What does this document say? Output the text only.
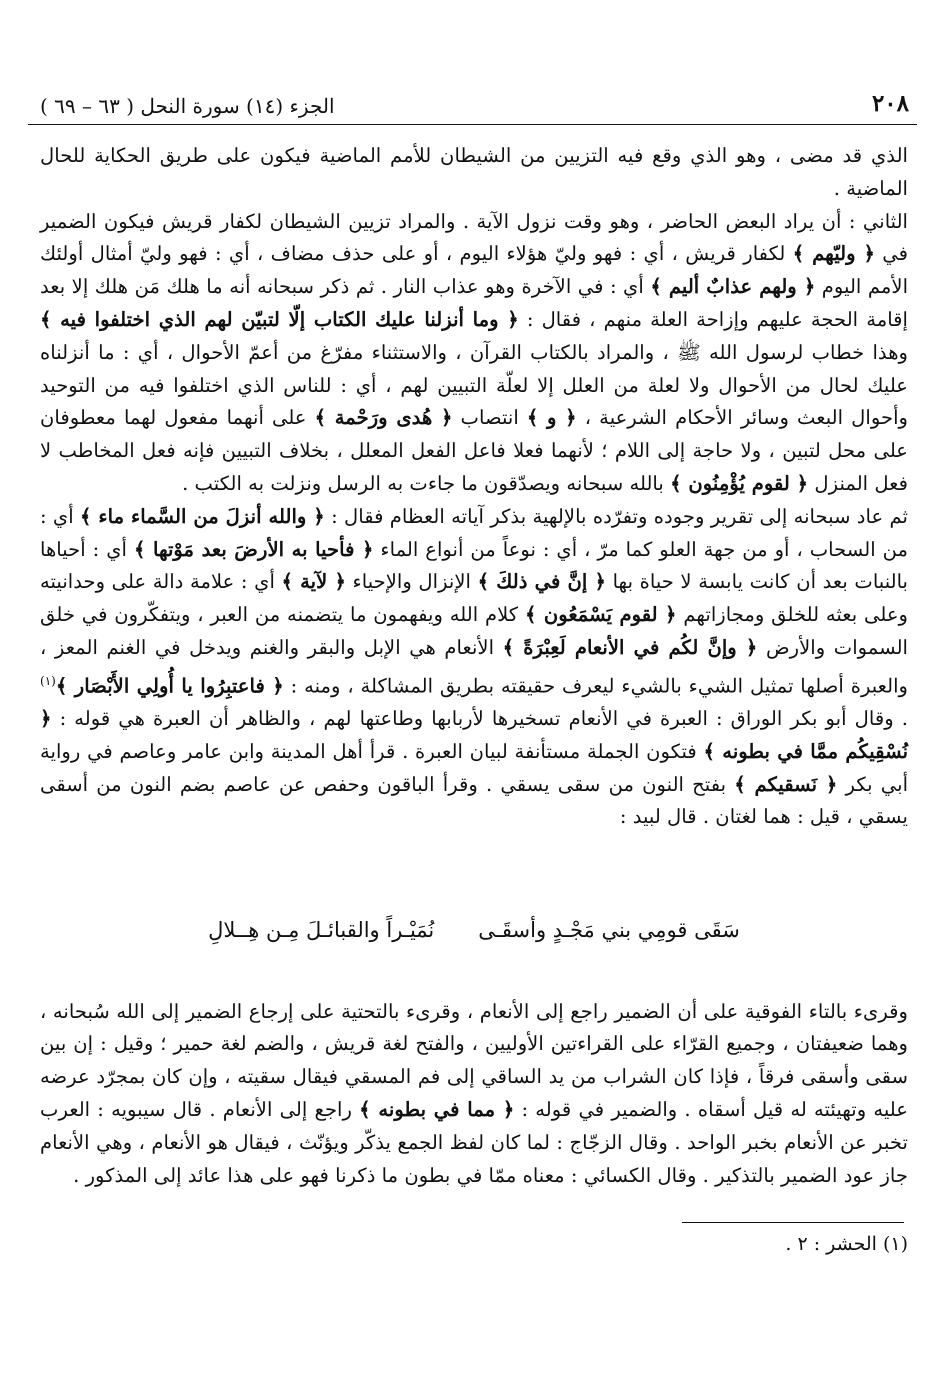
٢٠٨
الجزء (١٤) سورة النحل ( ٦٣ – ٦٩ )

الذي قد مضى ، وهو الذي وقع فيه التزيين من الشيطان للأمم الماضية فيكون على طريق الحكاية للحال الماضية .

الثاني : أن يراد البعض الحاضر ، وهو وقت نزول الآية . والمراد تزيين الشيطان لكفار قريش فيكون الضمير في ﴿ وليّهم ﴾ لكفار قريش ، أي : فهو وليّ هؤلاء اليوم ، أو على حذف مضاف ، أي : فهو وليّ أمثال أولئك الأمم اليوم ﴿ ولهم عذابٌ أليم ﴾ أي : في الآخرة وهو عذاب النار . ثم ذكر سبحانه أنه ما هلك مَن هلك إلا بعد إقامة الحجة عليهم وإزاحة العلة منهم ، فقال : ﴿ وما أنزلنا عليك الكتاب إلّا لتبيّن لهم الذي اختلفوا فيه ﴾ وهذا خطاب لرسول الله ﷺ ، والمراد بالكتاب القرآن ، والاستثناء مفرّغ من أعمّ الأحوال ، أي : ما أنزلناه عليك لحال من الأحوال ولا لعلة من العلل إلا لعلّة التبيين لهم ، أي : للناس الذي اختلفوا فيه من التوحيد وأحوال البعث وسائر الأحكام الشرعية ، ﴿ و ﴾ انتصاب ﴿ هُدى ورَحْمة ﴾ على أنهما مفعول لهما معطوفان على محل لتبين ، ولا حاجة إلى اللام ؛ لأنهما فعلا فاعل الفعل المعلل ، بخلاف التبيين فإنه فعل المخاطب لا فعل المنزل ﴿ لقوم يُؤْمِنُون ﴾ بالله سبحانه ويصدّقون ما جاءت به الرسل ونزلت به الكتب .

ثم عاد سبحانه إلى تقرير وجوده وتفرّده بالإلهية بذكر آياته العظام فقال : ﴿ والله أنزلَ من السَّماء ماء ﴾ أي : من السحاب ، أو من جهة العلو كما مرّ ، أي : نوعاً من أنواع الماء ﴿ فأحيا به الأرضَ بعد مَوْتها ﴾ أي : أحياها بالنبات بعد أن كانت يابسة لا حياة بها ﴿ إنَّ في ذلكَ ﴾ الإنزال والإحياء ﴿ لآية ﴾ أي : علامة دالة على وحدانيته وعلى بعثه للخلق ومجازاتهم ﴿ لقوم يَسْمَعُون ﴾ كلام الله ويفهمون ما يتضمنه من العبر ، ويتفكّرون في خلق السموات والأرض ﴿ وإنَّ لكُم في الأنعام لَعِبْرَةً ﴾ الأنعام هي الإبل والبقر والغنم ويدخل في الغنم المعز ، والعبرة أصلها تمثيل الشيء بالشيء ليعرف حقيقته بطريق المشاكلة ، ومنه : ﴿ فاعتبِرُوا يا أُولِي الأَبْصَار ﴾$^{(١)}$ . وقال أبو بكر الوراق : العبرة في الأنعام تسخيرها لأربابها وطاعتها لهم ، والظاهر أن العبرة هي قوله : ﴿ نُسْقِيكُم ممَّا في بطونه ﴾ فتكون الجملة مستأنفة لبيان العبرة . قرأ أهل المدينة وابن عامر وعاصم في رواية أبي بكر ﴿ نَسقيكم ﴾ بفتح النون من سقى يسقي . وقرأ الباقون وحفص عن عاصم بضم النون من أسقى يسقي ، قيل : هما لغتان . قال لبيد :

سَقَى قومِي بني مَجْـدٍ وأسقَـى
نُمَيْـراً والقبائـلَ مِـن هِــلالِ

وقرىء بالتاء الفوقية على أن الضمير راجع إلى الأنعام ، وقرىء بالتحتية على إرجاع الضمير إلى الله سُبحانه ، وهما ضعيفتان ، وجميع القرّاء على القراءتين الأوليين ، والفتح لغة قريش ، والضم لغة حمير ؛ وقيل : إن بين سقى وأسقى فرقاً ، فإذا كان الشراب من يد الساقي إلى فم المسقي فيقال سقيته ، وإن كان بمجرّد عرضه عليه وتهيئته له قيل أسقاه . والضمير في قوله : ﴿ مما في بطونه ﴾ راجع إلى الأنعام . قال سيبويه : العرب تخبر عن الأنعام بخبر الواحد . وقال الزجّاج : لما كان لفظ الجمع يذكّر ويؤنّث ، فيقال هو الأنعام ، وهي الأنعام جاز عود الضمير بالتذكير . وقال الكسائي : معناه ممّا في بطون ما ذكرنا فهو على هذا عائد إلى المذكور .

(١) الحشر : ٢ .
